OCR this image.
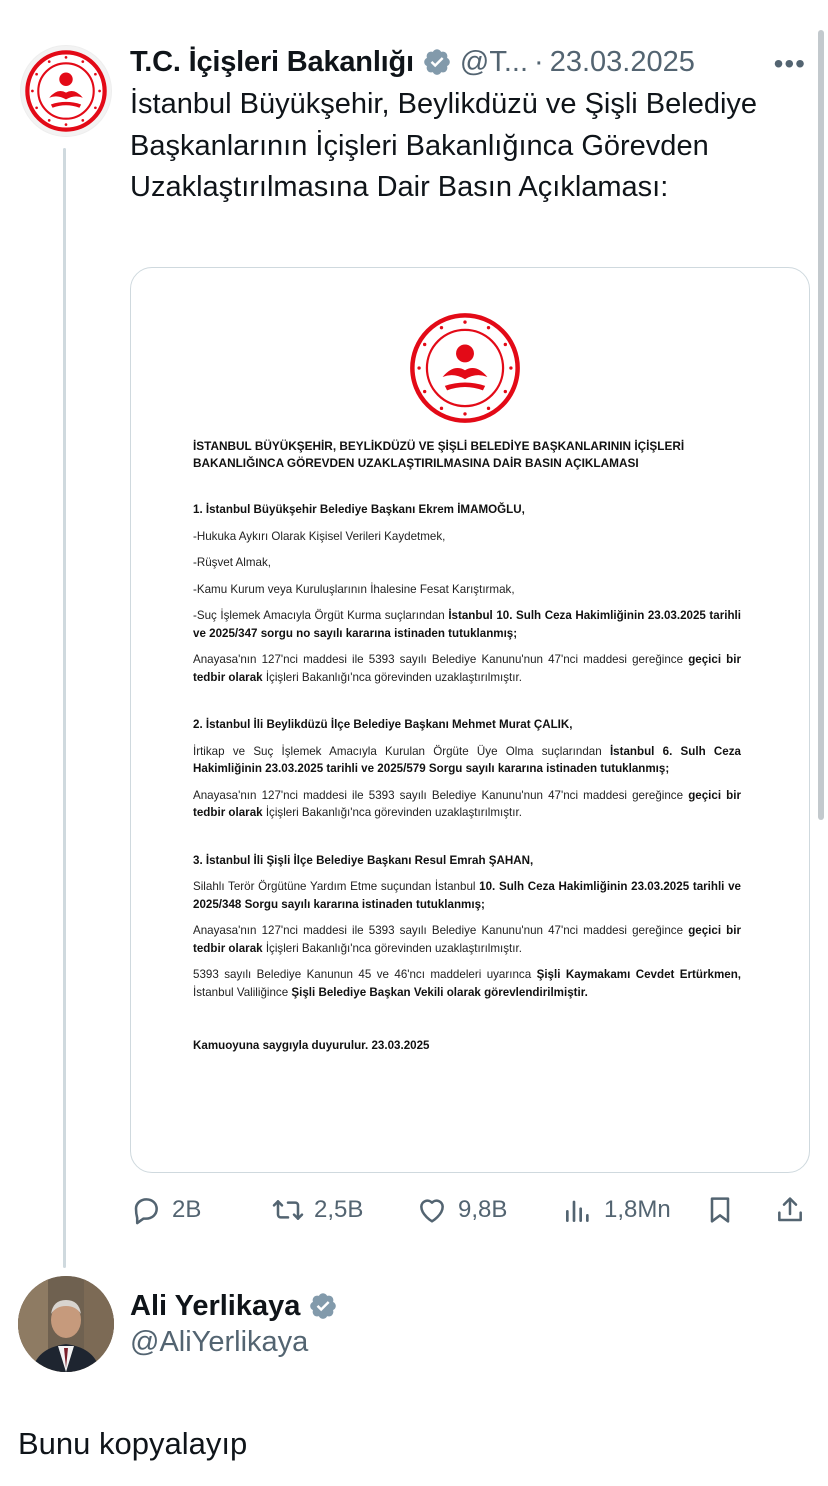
T.C. İçişleri Bakanlığı @T... · 23.03.2025	•••
İstanbul Büyükşehir, Beylikdüzü ve Şişli Belediye Başkanlarının İçişleri Bakanlığınca Görevden Uzaklaştırılmasına Dair Basın Açıklaması:

İSTANBUL BÜYÜKŞEHİR, BEYLİKDÜZÜ VE ŞİŞLİ BELEDİYE BAŞKANLARININ İÇİŞLERİ BAKANLIĞINCA GÖREVDEN UZAKLAŞTIRILMASINA DAİR BASIN AÇIKLAMASI

1. İstanbul Büyükşehir Belediye Başkanı Ekrem İMAMOĞLU,

-Hukuka Aykırı Olarak Kişisel Verileri Kaydetmek,

-Rüşvet Almak,

-Kamu Kurum veya Kuruluşlarının İhalesine Fesat Karıştırmak,

-Suç İşlemek Amacıyla Örgüt Kurma suçlarından İstanbul 10. Sulh Ceza Hakimliğinin 23.03.2025 tarihli ve 2025/347 sorgu no sayılı kararına istinaden tutuklanmış;

Anayasa'nın 127'nci maddesi ile 5393 sayılı Belediye Kanunu'nun 47'nci maddesi gereğince geçici bir tedbir olarak İçişleri Bakanlığı'nca görevinden uzaklaştırılmıştır.

2. İstanbul İli Beylikdüzü İlçe Belediye Başkanı Mehmet Murat ÇALIK,

İrtikap ve Suç İşlemek Amacıyla Kurulan Örgüte Üye Olma suçlarından İstanbul 6. Sulh Ceza Hakimliğinin 23.03.2025 tarihli ve 2025/579 Sorgu sayılı kararına istinaden tutuklanmış;

Anayasa'nın 127'nci maddesi ile 5393 sayılı Belediye Kanunu'nun 47'nci maddesi gereğince geçici bir tedbir olarak İçişleri Bakanlığı'nca görevinden uzaklaştırılmıştır.

3. İstanbul İli Şişli İlçe Belediye Başkanı Resul Emrah ŞAHAN,

Silahlı Terör Örgütüne Yardım Etme suçundan İstanbul 10. Sulh Ceza Hakimliğinin 23.03.2025 tarihli ve 2025/348 Sorgu sayılı kararına istinaden tutuklanmış;

Anayasa'nın 127'nci maddesi ile 5393 sayılı Belediye Kanunu'nun 47'nci maddesi gereğince geçici bir tedbir olarak İçişleri Bakanlığı'nca görevinden uzaklaştırılmıştır.

5393 sayılı Belediye Kanunun 45 ve 46'ncı maddeleri uyarınca Şişli Kaymakamı Cevdet Ertürkmen, İstanbul Valiliğince Şişli Belediye Başkan Vekili olarak görevlendirilmiştir.

Kamuoyuna saygıyla duyurulur. 23.03.2025

2B	2,5B	9,8B	1,8Mn
Ali Yerlikaya
@AliYerlikaya
Bunu kopyalayıp
